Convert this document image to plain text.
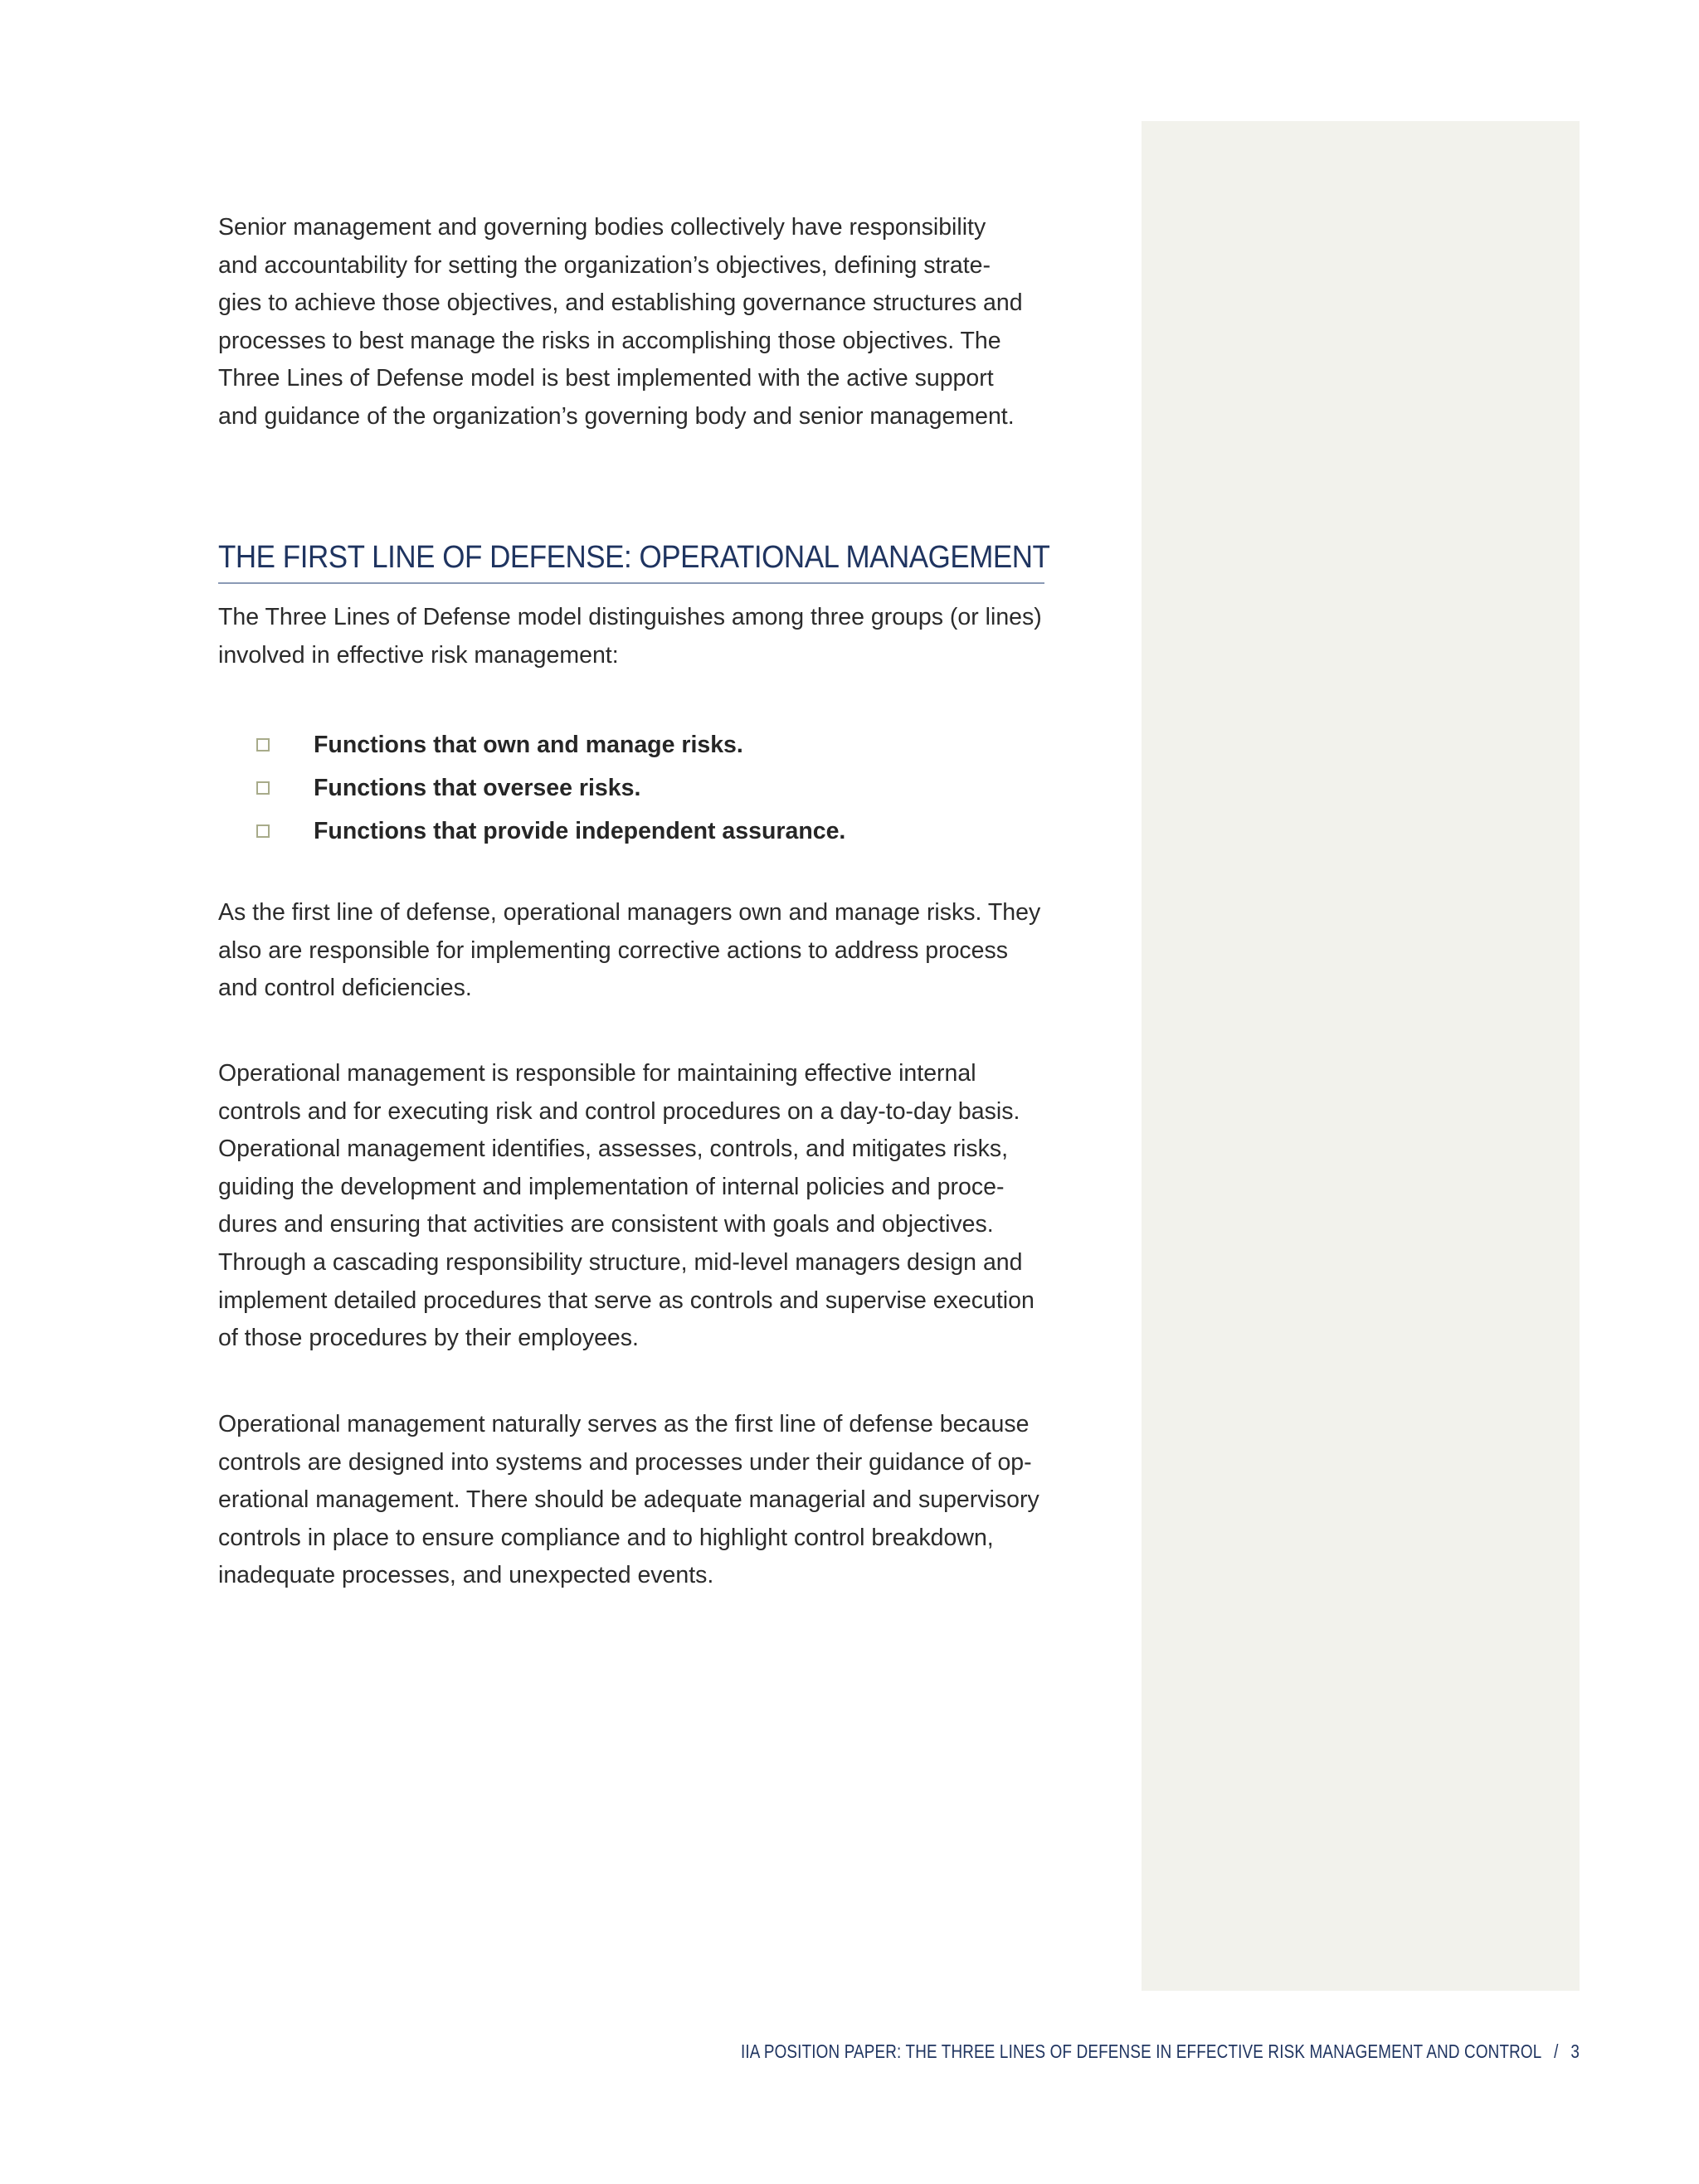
Senior management and governing bodies collectively have responsibility
and accountability for setting the organization’s objectives, defining strate-
gies to achieve those objectives, and establishing governance structures and
processes to best manage the risks in accomplishing those objectives. The
Three Lines of Defense model is best implemented with the active support
and guidance of the organization’s governing body and senior management.

THE FIRST LINE OF DEFENSE: OPERATIONAL MANAGEMENT

The Three Lines of Defense model distinguishes among three groups (or lines)
involved in effective risk management:

Functions that own and manage risks.
Functions that oversee risks.
Functions that provide independent assurance.

As the first line of defense, operational managers own and manage risks. They
also are responsible for implementing corrective actions to address process
and control deficiencies.

Operational management is responsible for maintaining effective internal
controls and for executing risk and control procedures on a day-to-day basis.
Operational management identifies, assesses, controls, and mitigates risks,
guiding the development and implementation of internal policies and proce-
dures and ensuring that activities are consistent with goals and objectives.
Through a cascading responsibility structure, mid-level managers design and
implement detailed procedures that serve as controls and supervise execution
of those procedures by their employees.

Operational management naturally serves as the first line of defense because
controls are designed into systems and processes under their guidance of op-
erational management. There should be adequate managerial and supervisory
controls in place to ensure compliance and to highlight control breakdown,
inadequate processes, and unexpected events.

IIA POSITION PAPER: THE THREE LINES OF DEFENSE IN EFFECTIVE RISK MANAGEMENT AND CONTROL / 3
